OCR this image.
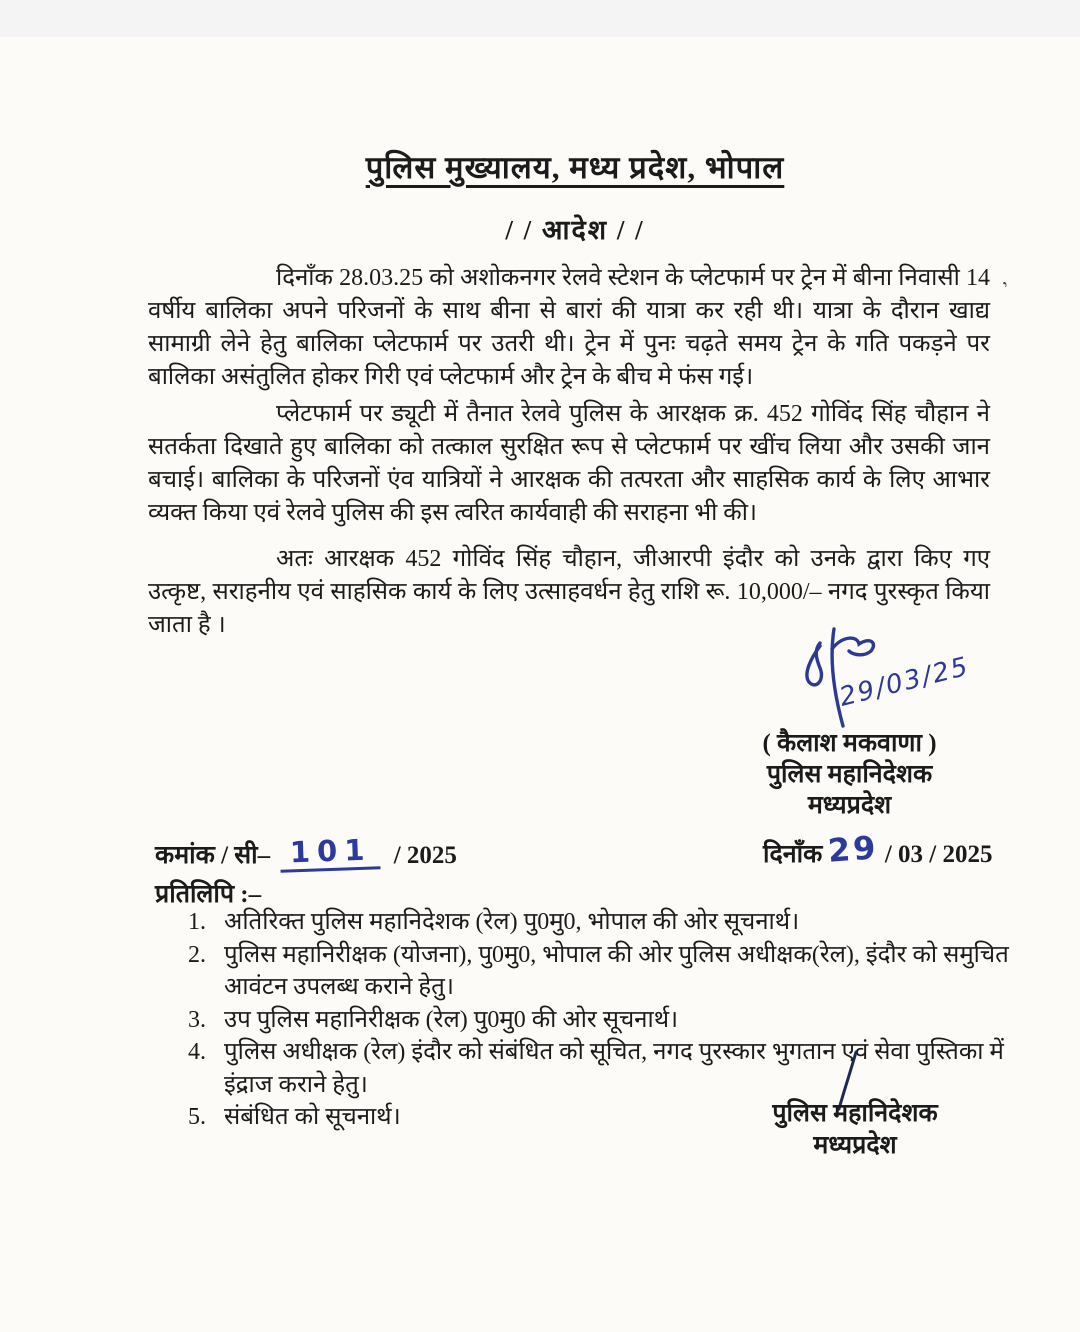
पुलिस मुख्यालय, मध्य प्रदेश, भोपाल
/ / आदेश / /

दिनाँक 28.03.25 को अशोकनगर रेलवे स्टेशन के प्लेटफार्म पर ट्रेन में बीना निवासी 14 वर्षीय बालिका अपने परिजनों के साथ बीना से बारां की यात्रा कर रही थी। यात्रा के दौरान खाद्य सामाग्री लेने हेतु बालिका प्लेटफार्म पर उतरी थी। ट्रेन में पुनः चढ़ते समय ट्रेन के गति पकड़ने पर बालिका असंतुलित होकर गिरी एवं प्लेटफार्म और ट्रेन के बीच मे फंस गई।

,

प्लेटफार्म पर ड्यूटी में तैनात रेलवे पुलिस के आरक्षक क्र. 452 गोविंद सिंह चौहान ने सतर्कता दिखाते हुए बालिका को तत्काल सुरक्षित रूप से प्लेटफार्म पर खींच लिया और उसकी जान बचाई। बालिका के परिजनों एंव यात्रियों ने आरक्षक की तत्परता और साहसिक कार्य के लिए आभार व्यक्त किया एवं रेलवे पुलिस की इस त्वरित कार्यवाही की सराहना भी की।

अतः आरक्षक 452 गोविंद सिंह चौहान, जीआरपी इंदौर को उनके द्वारा किए गए उत्कृष्ट, सराहनीय एवं साहसिक कार्य के लिए उत्साहवर्धन हेतु राशि रू. 10,000/– नगद पुरस्कृत किया जाता है ।

29/03/25
( कैलाश मकवाणा )
पुलिस महानिदेशक
मध्यप्रदेश
कमांक / सी– 101 / 2025	दिनाँक 29 / 03 / 2025
प्रतिलिपि :–
1. अतिरिक्त पुलिस महानिदेशक (रेल) पु0मु0, भोपाल की ओर सूचनार्थ।
2. पुलिस महानिरीक्षक (योजना), पु0मु0, भोपाल की ओर पुलिस अधीक्षक(रेल), इंदौर को समुचित आवंटन उपलब्ध कराने हेतु।
3. उप पुलिस महानिरीक्षक (रेल) पु0मु0 की ओर सूचनार्थ।
4. पुलिस अधीक्षक (रेल) इंदौर को संबंधित को सूचित, नगद पुरस्कार भुगतान एवं सेवा पुस्तिका में इंद्राज कराने हेतु।
5. संबंधित को सूचनार्थ।	पुलिस महानिदेशक
मध्यप्रदेश
